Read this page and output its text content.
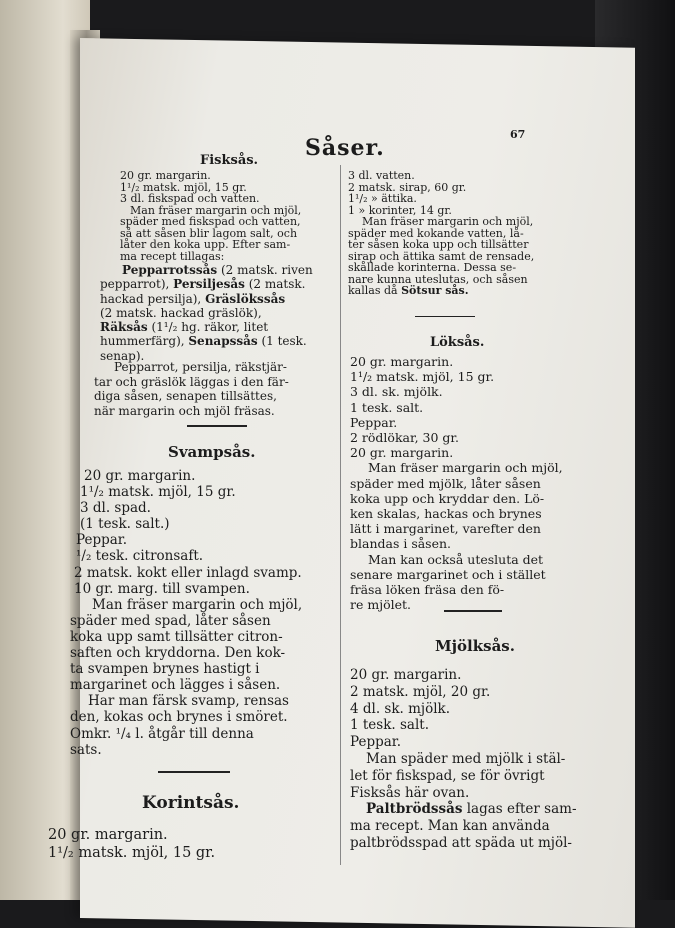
67
Såser.
Fisksås.

20 gr. margarin.

1¹/₂ matsk. mjöl, 15 gr.

3 dl. fiskspad och vatten.

Man fräser margarin och mjöl,

späder med fiskspad och vatten,

så att såsen blir lagom salt, och

låter den koka upp. Efter sam-

ma recept tillagas:

Pepparrotssås (2 matsk. riven

pepparrot), Persiljesås (2 matsk.

hackad persilja), Gräslökssås

(2 matsk. hackad gräslök),

Räksås (1¹/₂ hg. räkor, litet

hummerfärg), Senapssås (1 tesk.

senap).

Pepparrot, persilja, räkstjär-

tar och gräslök läggas i den fär-

diga såsen, senapen tillsättes,

när margarin och mjöl fräsas.

Svampsås.

20 gr. margarin.

1¹/₂ matsk. mjöl, 15 gr.

3 dl. spad.

(1 tesk. salt.)

Peppar.

¹/₂ tesk. citronsaft.

2 matsk. kokt eller inlagd svamp.

10 gr. marg. till svampen.

Man fräser margarin och mjöl,

späder med spad, låter såsen

koka upp samt tillsätter citron-

saften och kryddorna. Den kok-

ta svampen brynes hastigt i

margarinet och lägges i såsen.

Har man färsk svamp, rensas

den, kokas och brynes i smöret.

Omkr. ¹/₄ l. åtgår till denna

sats.

Korintsås.

20 gr. margarin.

1¹/₂ matsk. mjöl, 15 gr.

3 dl. vatten.

2 matsk. sirap, 60 gr.

1¹/₂ » ättika.

1 » korinter, 14 gr.

Man fräser margarin och mjöl,

späder med kokande vatten, lå-

ter såsen koka upp och tillsätter

sirap och ättika samt de rensade,

skållade korinterna. Dessa se-

nare kunna uteslutas, och såsen

kallas då Sötsur sås.

Löksås.

20 gr. margarin.

1¹/₂ matsk. mjöl, 15 gr.

3 dl. sk. mjölk.

1 tesk. salt.

Peppar.

2 rödlökar, 30 gr.

20 gr. margarin.

Man fräser margarin och mjöl,

späder med mjölk, låter såsen

koka upp och kryddar den. Lö-

ken skalas, hackas och brynes

lätt i margarinet, varefter den

blandas i såsen.

Man kan också utesluta det

senare margarinet och i stället

fräsa löken fräsa den fö-

re mjölet.

Mjölksås.

20 gr. margarin.

2 matsk. mjöl, 20 gr.

4 dl. sk. mjölk.

1 tesk. salt.

Peppar.

Man späder med mjölk i stäl-

let för fiskspad, se för övrigt

Fisksås här ovan.

Paltbrödssås lagas efter sam-

ma recept. Man kan använda

paltbrödsspad att späda ut mjöl-
